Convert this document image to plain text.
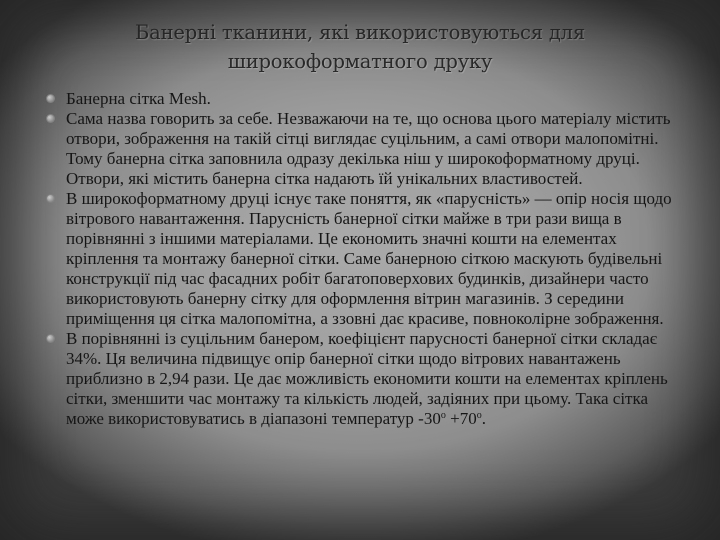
Банерні тканини, які використовуються для
широкоформатного друку
Банерна сітка Mesh.
Сама назва говорить за себе. Незважаючи на те, що основа цього матеріалу містить отвори, зображення на такій сітці виглядає суцільним, а самі отвори малопомітні. Тому банерна сітка заповнила одразу декілька ніш у широкоформатному друці. Отвори, які містить банерна сітка надають їй унікальних властивостей.
В широкоформатному друці існує таке поняття, як «парусність» — опір носія щодо вітрового навантаження. Парусність банерної сітки майже в три рази вища в порівнянні з іншими матеріалами. Це економить значні кошти на елементах кріплення та монтажу банерної сітки. Саме банерною сіткою маскують будівельні конструкції під час фасадних робіт багатоповерхових будинків, дизайнери часто використовують банерну сітку для оформлення вітрин магазинів. З середини приміщення ця сітка малопомітна, а ззовні дає красиве, повноколірне зображення.
В порівнянні із суцільним банером, коефіцієнт парусності банерної сітки складає 34%. Ця величина підвищує опір банерної сітки щодо вітрових навантажень приблизно в 2,94 рази. Це дає можливість економити кошти на елементах кріплень сітки, зменшити час монтажу та кількість людей, задіяних при цьому. Така сітка може використовуватись в діапазоні температур $-30^о +70^о$.
